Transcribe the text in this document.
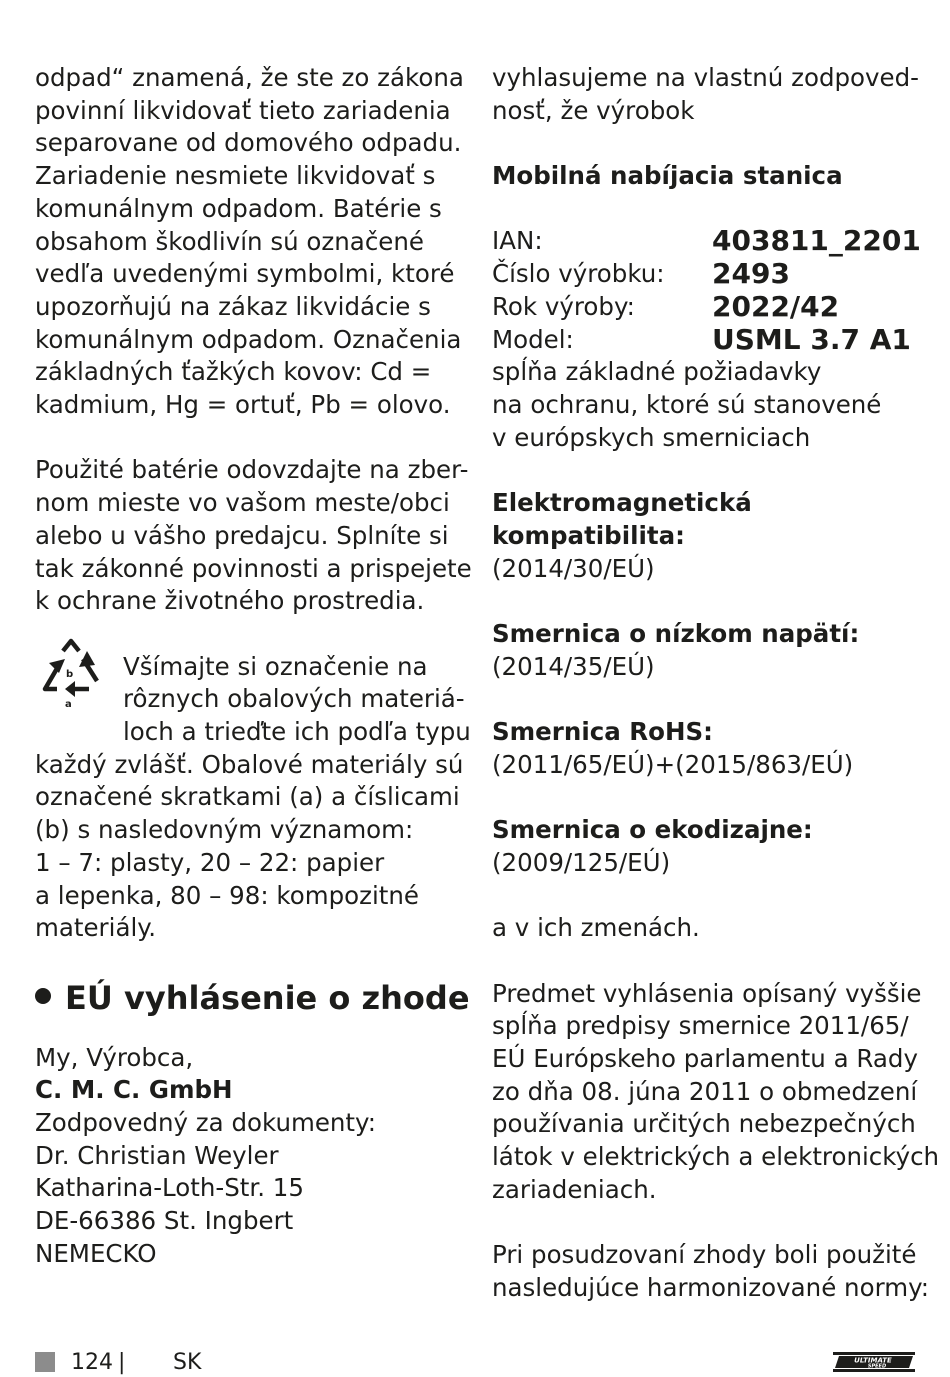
odpad“ znamená, že ste zo zákona
povinní likvidovať tieto zariadenia
separovane od domového odpadu.
Zariadenie nesmiete likvidovať s
komunálnym odpadom. Batérie s
obsahom škodlivín sú označené
vedľa uvedenými symbolmi, ktoré
upozorňujú na zákaz likvidácie s
komunálnym odpadom. Označenia
základných ťažkých kovov: Cd =
kadmium, Hg = ortuť, Pb = olovo.

Použité batérie odovzdajte na zber-
nom mieste vo vašom meste/obci
alebo u vášho predajcu. Splníte si
tak zákonné povinnosti a prispejete
k ochrane životného prostredia.

b
a
Všímajte si označenie na
rôznych obalových materiá-
loch a trieďte ich podľa typu
každý zvlášť. Obalové materiály sú
označené skratkami (a) a číslicami
(b) s nasledovným významom:
1 – 7: plasty, 20 – 22: papier
a lepenka, 80 – 98: kompozitné
materiály.
EÚ vyhlásenie o zhode

My, Výrobca,
C. M. C. GmbH
Zodpovedný za dokumenty:
Dr. Christian Weyler
Katharina-Loth-Str. 15
DE-66386 St. Ingbert
NEMECKO

vyhlasujeme na vlastnú zodpoved-
nosť, že výrobok

Mobilná nabíjacia stanica

IAN:	403811_2201
Číslo výrobku:	2493
Rok výroby:	2022/42
Model:	USML 3.7 A1
spĺňa základné požiadavky
na ochranu, ktoré sú stanovené
v európskych smerniciach

Elektromagnetická
kompatibilita:
(2014/30/EÚ)

Smernica o nízkom napätí:
(2014/35/EÚ)

Smernica RoHS:
(2011/65/EÚ)+(2015/863/EÚ)

Smernica o ekodizajne:
(2009/125/EÚ)

a v ich zmenách.

Predmet vyhlásenia opísaný vyššie
spĺňa predpisy smernice 2011/65/
EÚ Európskeho parlamentu a Rady
zo dňa 08. júna 2011 o obmedzení
používania určitých nebezpečných
látok v elektrických a elektronických
zariadeniach.

Pri posudzovaní zhody boli použité
nasledujúce harmonizované normy:

124 | SK	ULTIMATE
SPEED
